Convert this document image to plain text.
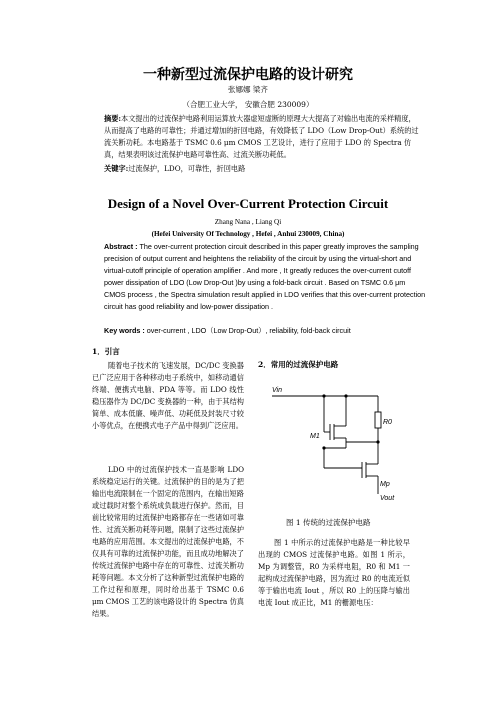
一种新型过流保护电路的设计研究
张娜娜 梁齐
（合肥工业大学， 安徽合肥 230009）
摘要:本文提出的过流保护电路利用运算放大器虚短虚断的原理大大提高了对输出电流的采样精度，从而提高了电路的可靠性；并通过增加的折回电路，有效降低了 LDO（Low Drop-Out）系统的过流关断功耗。本电路基于 TSMC 0.6 μm CMOS 工艺设计，进行了应用于 LDO 的 Spectra 仿真，结果表明该过流保护电路可靠性高、过流关断功耗低。
关键字:过流保护，LDO，可靠性，折回电路
Design of a Novel Over-Current Protection Circuit
Zhang Nana , Liang Qi
(Hefei University Of Technology , Hefei , Anhui 230009, China)
Abstract : The over-current protection circuit described in this paper greatly improves the sampling precision of output current and heightens the reliability of the circuit by using the virtual-short and virtual-cutoff principle of operation amplifier . And more , It greatly reduces the over-current cutoff power dissipation of LDO (Low Drop-Out )by using a fold-back circuit . Based on TSMC 0.6 μm CMOS process , the Spectra simulation result applied in LDO verifies that this over-current protection circuit has good reliability and low-power dissipation .
Key words : over-current , LDO（Low Drop-Out）, reliability, fold-back circuit
1．引言
随着电子技术的飞速发展，DC/DC 变换器已广泛应用于各种移动电子系统中，如移动通信终端、便携式电脑、PDA 等等。而 LDO 线性稳压器作为 DC/DC 变换器的一种，由于其结构简单、成本低廉、噪声低、功耗低及封装尺寸较小等优点，在便携式电子产品中得到广泛应用。
LDO 中的过流保护技术一直是影响 LDO 系统稳定运行的关键。过流保护的目的是为了把输出电流限制在一个固定的范围内，在输出短路或过载时对整个系统成负载进行保护。然而，目前比较常用的过流保护电路都存在一些诸如可靠性、过流关断功耗等问题，限制了这些过流保护电路的应用范围。本文提出的过流保护电路，不仅具有可靠的过流保护功能，而且成功地解决了传统过流保护电路中存在的可靠性、过流关断功耗等问题。本文分析了这种新型过流保护电路的工作过程和原理，同时给出基于 TSMC 0.6 μm CMOS 工艺的该电路设计的 Spectra 仿真结果。
2．常用的过流保护电路
Vin
R0
M1
Mp
Vout
图 1 传统的过流保护电路
图 1 中所示的过流保护电路是一种比较早出现的 CMOS 过流保护电路。如图 1 所示，Mp 为调整管，R0 为采样电阻，R0 和 M1 一起构成过流保护电路，因为流过 R0 的电流近似等于输出电流 Iout ，所以 R0 上的压降与输出电流 Iout 成正比，M1 的栅源电压：
